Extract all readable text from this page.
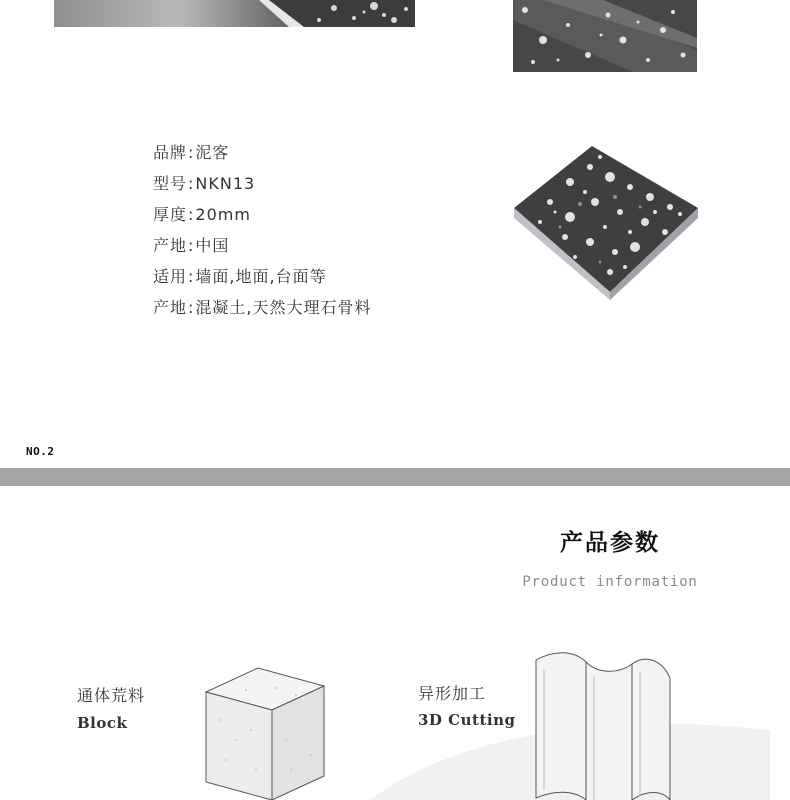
品牌:泥客
型号:NKN13
厚度:20mm
产地:中国
适用:墙面,地面,台面等
产地:混凝土,天然大理石骨料
NO.2
产品参数
Product information
通体荒料
Block
异形加工
3D Cutting
